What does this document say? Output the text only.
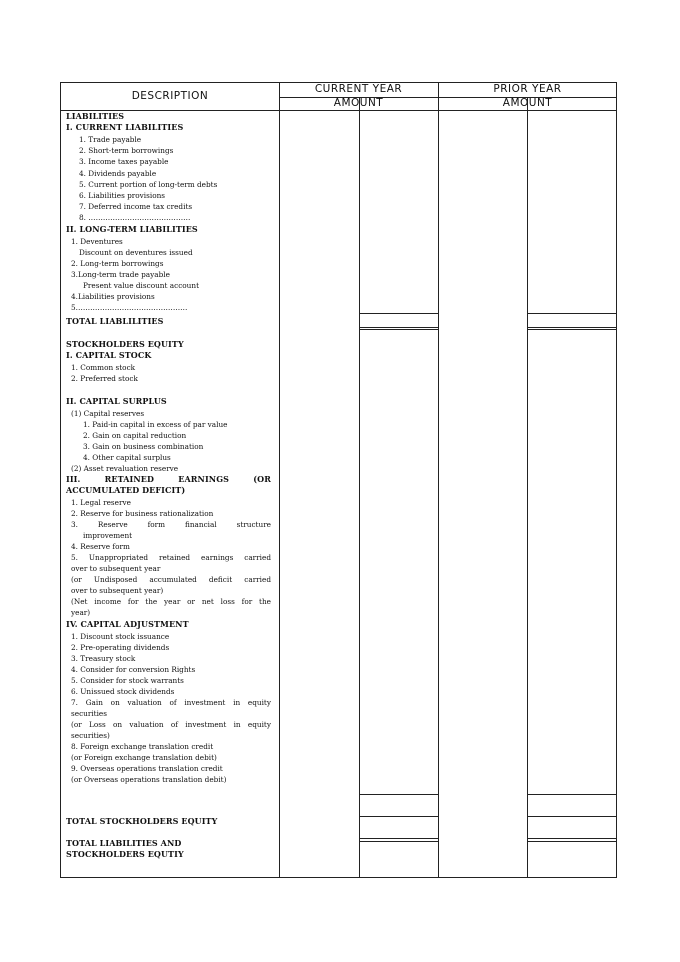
DESCRIPTION
CURRENT YEAR	PRIOR YEAR
AMOUNT	AMOUNT
LIABILITIES
I. CURRENT LIABILITIES
1. Trade payable
2. Short-term borrowings
3. Income taxes payable
4. Dividends payable
5. Current portion of long-term debts
6. Liabilities provisions
7. Deferred income tax credits
8. ……………………………………
II. LONG-TERM LIABILITIES
1. Deventures
Discount on deventures issued
2. Long-term borrowings
3.Long-term trade payable
Present value discount account
4.Liabilities provisions
5.………………………………………
TOTAL LIABLILITIES
STOCKHOLDERS EQUITY
I. CAPITAL STOCK
1. Common stock
2. Preferred stock
II. CAPITAL SURPLUS
(1) Capital reserves
1. Paid-in capital in excess of par value
2. Gain on capital reduction
3. Gain on business combination
4. Other capital surplus
(2) Asset revaluation reserve
III. RETAINED EARNINGS (OR
ACCUMULATED DEFICIT)
1. Legal reserve
2. Reserve for business rationalization
3. Reserve form financial structure
improvement
4. Reserve form
5. Unappropriated retained earnings carried
over to subsequent year
(or Undisposed accumulated deficit carried
over to subsequent year)
(Net income for the year or net loss for the
year)
IV. CAPITAL ADJUSTMENT
1. Discount stock issuance
2. Pre-operating dividends
3. Treasury stock
4. Consider for conversion Rights
5. Consider for stock warrants
6. Unissued stock dividends
7. Gain on valuation of investment in equity
securities
(or Loss on valuation of investment in equity
securities)
8. Foreign exchange translation credit
(or Foreign exchange translation debit)
9. Overseas operations translation credit
(or Overseas operations translation debit)
TOTAL STOCKHOLDERS EQUITY
TOTAL LIABILITIES AND
STOCKHOLDERS EQUTIY
